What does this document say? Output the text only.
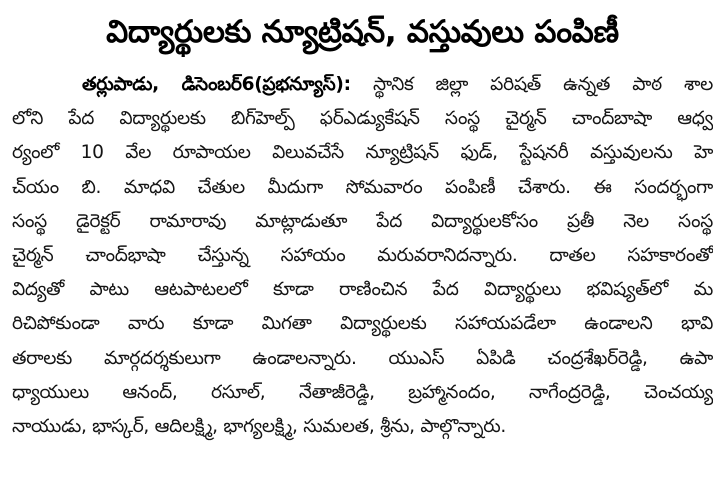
విద్యార్థులకు న్యూట్రిషన్, వస్తువులు పంపిణీ
తర్లుపాడు, డిసెంబర్6(ప్రభన్యూస్): స్థానిక జిల్లా పరిషత్ ఉన్నత పాఠ శాల
లోని పేద విద్యార్థులకు బిగ్‌హెల్ప్ ఫర్‌ఎడ్యుకేషన్ సంస్థ చైర్మన్ చాంద్‌బాషా ఆధ్వ
ర్యంలో 10 వేల రూపాయల విలువచేసే న్యూట్రిషన్ ఫుడ్, స్టేషనరీ వస్తువులను హె
చ్‌యం బి. మాధవి చేతుల మీదుగా సోమవారం పంపిణీ చేశారు. ఈ సందర్భంగా
సంస్థ డైరెక్టర్ రామారావు మాట్లాడుతూ పేద విద్యార్థులకోసం ప్రతీ నెల సంస్థ
చైర్మన్ చాంద్‌భాషా చేస్తున్న సహాయం మరువరానిదన్నారు. దాతల సహకారంతో
విద్యతో పాటు ఆటపాటలలో కూడా రాణించిన పేద విద్యార్థులు భవిష్యత్‌లో మ
రిచిపోకుండా వారు కూడా మిగతా విద్యార్థులకు సహాయపడేలా ఉండాలని భావి
తరాలకు మార్గదర్శకులుగా ఉండాలన్నారు. యుఎస్ ఏపిడి చంద్రశేఖర్‌రెడ్డి, ఉపా
ధ్యాయులు ఆనంద్, రసూల్, నేతాజీరెడ్డి, బ్రహ్మానందం, నాగేంద్రరెడ్డి, చెంచయ్య
నాయుడు, భాస్కర్, ఆదిలక్ష్మి, భాగ్యలక్ష్మి, సుమలత, శ్రీను, పాల్గొన్నారు.
